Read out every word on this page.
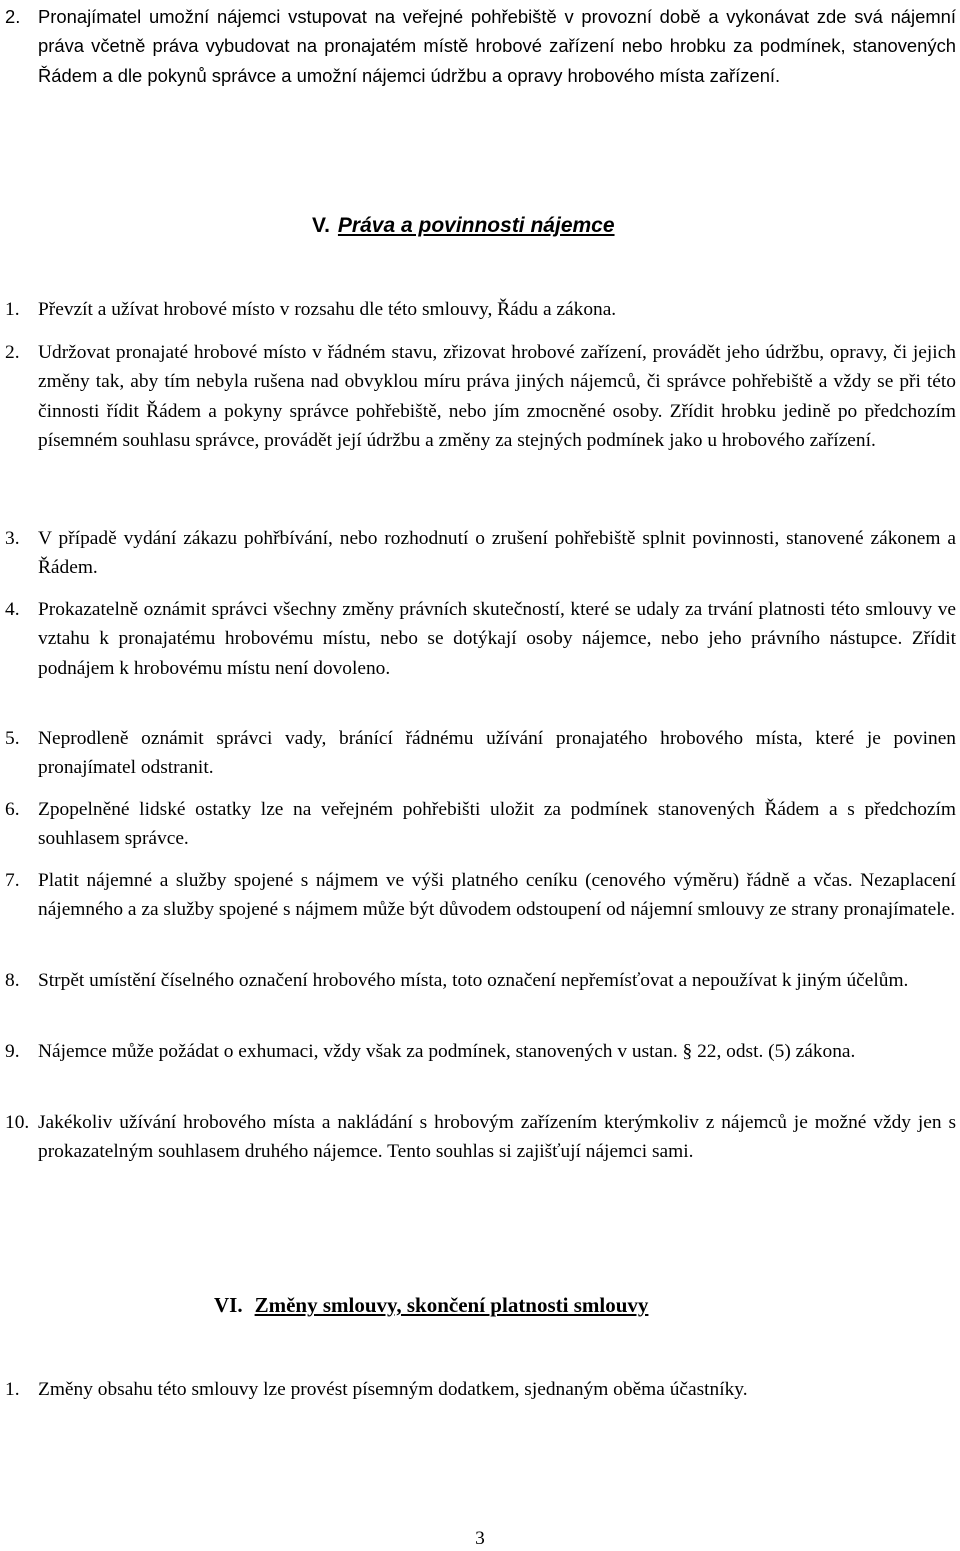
2. Pronajímatel umožní nájemci vstupovat na veřejné pohřebiště v provozní době a vykonávat zde svá nájemní práva včetně práva vybudovat na pronajatém místě hrobové zařízení nebo hrobku za podmínek, stanovených Řádem a dle pokynů správce a umožní nájemci údržbu a opravy hrobového místa zařízení.
V. Práva a povinnosti nájemce
1. Převzít a užívat hrobové místo v rozsahu dle této smlouvy, Řádu a zákona.
2. Udržovat pronajaté hrobové místo v řádném stavu, zřizovat hrobové zařízení, provádět jeho údržbu, opravy, či jejich změny tak, aby tím nebyla rušena nad obvyklou míru práva jiných nájemců, či správce pohřebiště a vždy se při této činnosti řídit Řádem a pokyny správce pohřebiště, nebo jím zmocněné osoby. Zřídit hrobku jedině po předchozím písemném souhlasu správce, provádět její údržbu a změny za stejných podmínek jako u hrobového zařízení.
3. V případě vydání zákazu pohřbívání, nebo rozhodnutí o zrušení pohřebiště splnit povinnosti, stanovené zákonem a Řádem.
4. Prokazatelně oznámit správci všechny změny právních skutečností, které se udaly za trvání platnosti této smlouvy ve vztahu k pronajatému hrobovému místu, nebo se dotýkají osoby nájemce, nebo jeho právního nástupce. Zřídit podnájem k hrobovému místu není dovoleno.
5. Neprodleně oznámit správci vady, bránící řádnému užívání pronajatého hrobového místa, které je povinen pronajímatel odstranit.
6. Zpopelněné lidské ostatky lze na veřejném pohřebišti uložit za podmínek stanovených Řádem a s předchozím souhlasem správce.
7. Platit nájemné a služby spojené s nájmem ve výši platného ceníku (cenového výměru) řádně a včas. Nezaplacení nájemného a za služby spojené s nájmem může být důvodem odstoupení od nájemní smlouvy ze strany pronajímatele.
8. Strpět umístění číselného označení hrobového místa, toto označení nepřemísťovat a nepoužívat k jiným účelům.
9. Nájemce může požádat o exhumaci, vždy však za podmínek, stanovených v ustan. § 22, odst. (5) zákona.
10. Jakékoliv užívání hrobového místa a nakládání s hrobovým zařízením kterýmkoliv z nájemců je možné vždy jen s prokazatelným souhlasem druhého nájemce. Tento souhlas si zajišťují nájemci sami.
VI. Změny smlouvy, skončení platnosti smlouvy
1. Změny obsahu této smlouvy lze provést písemným dodatkem, sjednaným oběma účastníky.
3
